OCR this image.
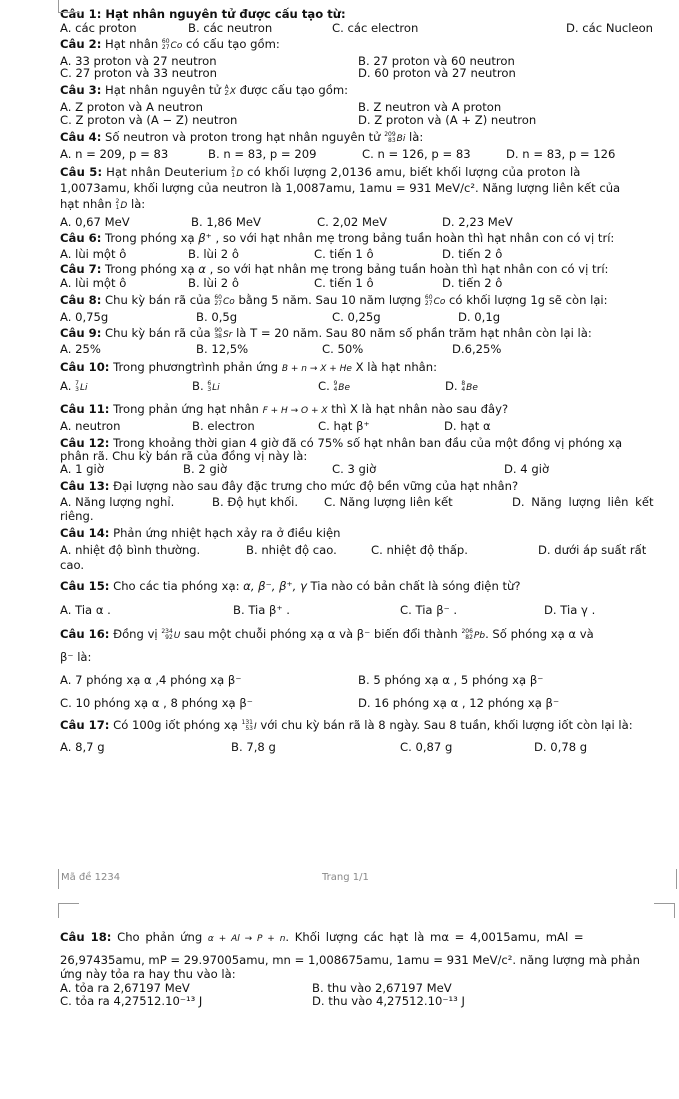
Câu 1: Hạt nhân nguyên tử được cấu tạo từ:
A. các proton	B. các neutron	C. các electron	D. các Nucleon
Câu 2: Hạt nhân 60
27 Co có cấu tạo gồm:
A. 33 proton và 27 neutron	B. 27 proton và 60 neutron
C. 27 proton và 33 neutron	D. 60 proton và 27 neutron
Câu 3: Hạt nhân nguyên tử A
Z X được cấu tạo gồm:
A. Z proton và A neutron	B. Z neutron và A proton
C. Z proton và (A − Z) neutron	D. Z proton và (A + Z) neutron
Câu 4: Số neutron và proton trong hạt nhân nguyên tử 209
83 Bi là:
A. n = 209, p = 83	B. n = 83, p = 209	C. n = 126, p = 83	D. n = 83, p = 126
Câu 5: Hạt nhân Deuterium 2
1 D có khối lượng 2,0136 amu, biết khối lượng của proton là
1,0073amu, khối lượng của neutron là 1,0087amu, 1amu = 931 MeV/c². Năng lượng liên kết của
hạt nhân 2
1 D là:
A. 0,67 MeV	B. 1,86 MeV	C. 2,02 MeV	D. 2,23 MeV
Câu 6: Trong phóng xạ β⁺ , so với hạt nhân mẹ trong bảng tuần hoàn thì hạt nhân con có vị trí:
A. lùi một ô	B. lùi 2 ô	C. tiến 1 ô	D. tiến 2 ô
Câu 7: Trong phóng xạ α , so với hạt nhân mẹ trong bảng tuần hoàn thì hạt nhân con có vị trí:
A. lùi một ô	B. lùi 2 ô	C. tiến 1 ô	D. tiến 2 ô
Câu 8: Chu kỳ bán rã của 60
27 Co bằng 5 năm. Sau 10 năm lượng 60
27 Co có khối lượng 1g sẽ còn lại:
A. 0,75g	B. 0,5g	C. 0,25g	D. 0,1g
Câu 9: Chu kỳ bán rã của 90
38 Sr là T = 20 năm. Sau 80 năm số phần trăm hạt nhân còn lại là:
A. 25%	B. 12,5%	C. 50%	D.6,25%
Câu 10: Trong phươngtrình phản ứng B + n → X + He X là hạt nhân:
A. 7
3 Li	B. 6
3 Li	C. 9
4 Be	D. 8
4 Be
Câu 11: Trong phản ứng hạt nhân F + H → O + X thì X là hạt nhân nào sau đây?
A. neutron	B. electron	C. hạt β⁺	D. hạt α
Câu 12: Trong khoảng thời gian 4 giờ đã có 75% số hạt nhân ban đầu của một đồng vị phóng xạ
phân rã. Chu kỳ bán rã của đồng vị này là:
A. 1 giờ	B. 2 giờ	C. 3 giờ	D. 4 giờ
Câu 13: Đại lượng nào sau đây đặc trưng cho mức độ bền vững của hạt nhân?
A. Năng lượng nghỉ.	B. Độ hụt khối. C. Năng lượng liên kết	D. Năng lượng liên kết
riêng.
Câu 14: Phản ứng nhiệt hạch xảy ra ở điều kiện
A. nhiệt độ bình thường.	B. nhiệt độ cao.	C. nhiệt độ thấp.	D. dưới áp suất rất
cao.
Câu 15: Cho các tia phóng xạ: α, β⁻, β⁺, γ Tia nào có bản chất là sóng điện từ?
A. Tia α .	B. Tia β⁺ .	C. Tia β⁻ .	D. Tia γ .
Câu 16: Đồng vị 234
92 U sau một chuỗi phóng xạ α và β⁻ biến đổi thành 206
82 Pb. Số phóng xạ α và
β⁻ là:
A. 7 phóng xạ α ,4 phóng xạ β⁻	B. 5 phóng xạ α , 5 phóng xạ β⁻
C. 10 phóng xạ α , 8 phóng xạ β⁻	D. 16 phóng xạ α , 12 phóng xạ β⁻
Câu 17: Có 100g iốt phóng xạ 131
53 I với chu kỳ bán rã là 8 ngày. Sau 8 tuần, khối lượng iốt còn lại là:
A. 8,7 g	B. 7,8 g	C. 0,87 g	D. 0,78 g
Mã đề 1234	Trang 1/1
Câu 18: Cho phản ứng α + Al → P + n. Khối lượng các hạt là mα = 4,0015amu, mAl =
26,97435amu, mP = 29.97005amu, mn = 1,008675amu, 1amu = 931 MeV/c². năng lượng mà phản
ứng này tỏa ra hay thu vào là:
A. tỏa ra 2,67197 MeV	B. thu vào 2,67197 MeV
C. tỏa ra 4,27512.10⁻¹³ J	D. thu vào 4,27512.10⁻¹³ J
